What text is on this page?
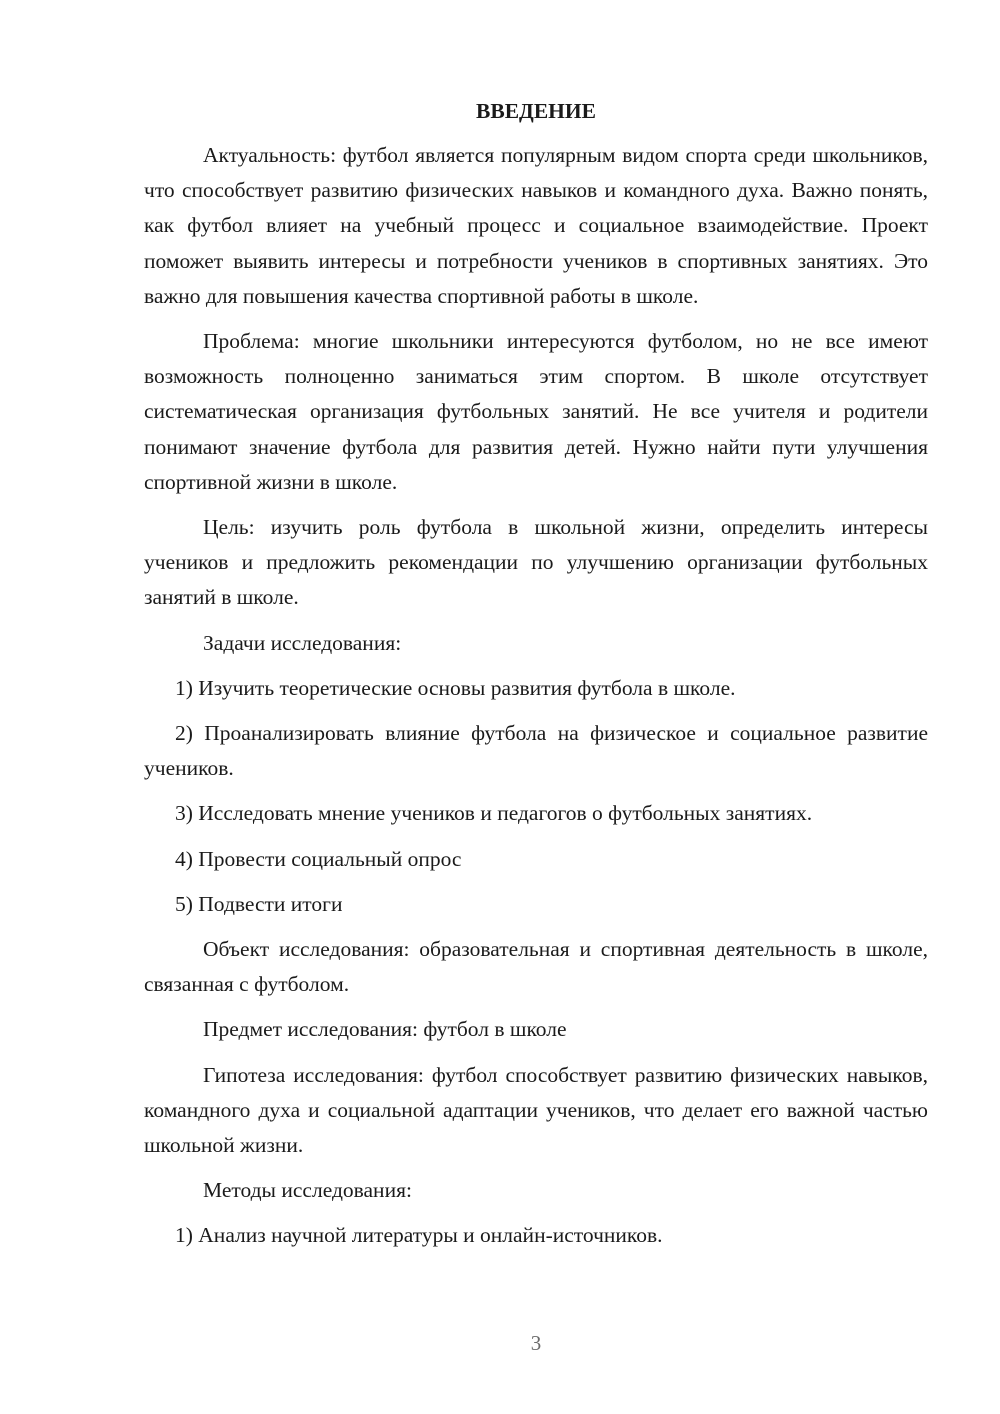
ВВЕДЕНИЕ

Актуальность: футбол является популярным видом спорта среди школьников, что способствует развитию физических навыков и командного духа. Важно понять, как футбол влияет на учебный процесс и социальное взаимодействие. Проект поможет выявить интересы и потребности учеников в спортивных занятиях. Это важно для повышения качества спортивной работы в школе.

Проблема: многие школьники интересуются футболом, но не все имеют возможность полноценно заниматься этим спортом. В школе отсутствует систематическая организация футбольных занятий. Не все учителя и родители понимают значение футбола для развития детей. Нужно найти пути улучшения спортивной жизни в школе.

Цель: изучить роль футбола в школьной жизни, определить интересы учеников и предложить рекомендации по улучшению организации футбольных занятий в школе.

Задачи исследования:

1) Изучить теоретические основы развития футбола в школе.

2) Проанализировать влияние футбола на физическое и социальное развитие учеников.

3) Исследовать мнение учеников и педагогов о футбольных занятиях.

4) Провести социальный опрос

5) Подвести итоги

Объект исследования: образовательная и спортивная деятельность в школе, связанная с футболом.

Предмет исследования: футбол в школе

Гипотеза исследования: футбол способствует развитию физических навыков, командного духа и социальной адаптации учеников, что делает его важной частью школьной жизни.

Методы исследования:

1) Анализ научной литературы и онлайн-источников.

3
